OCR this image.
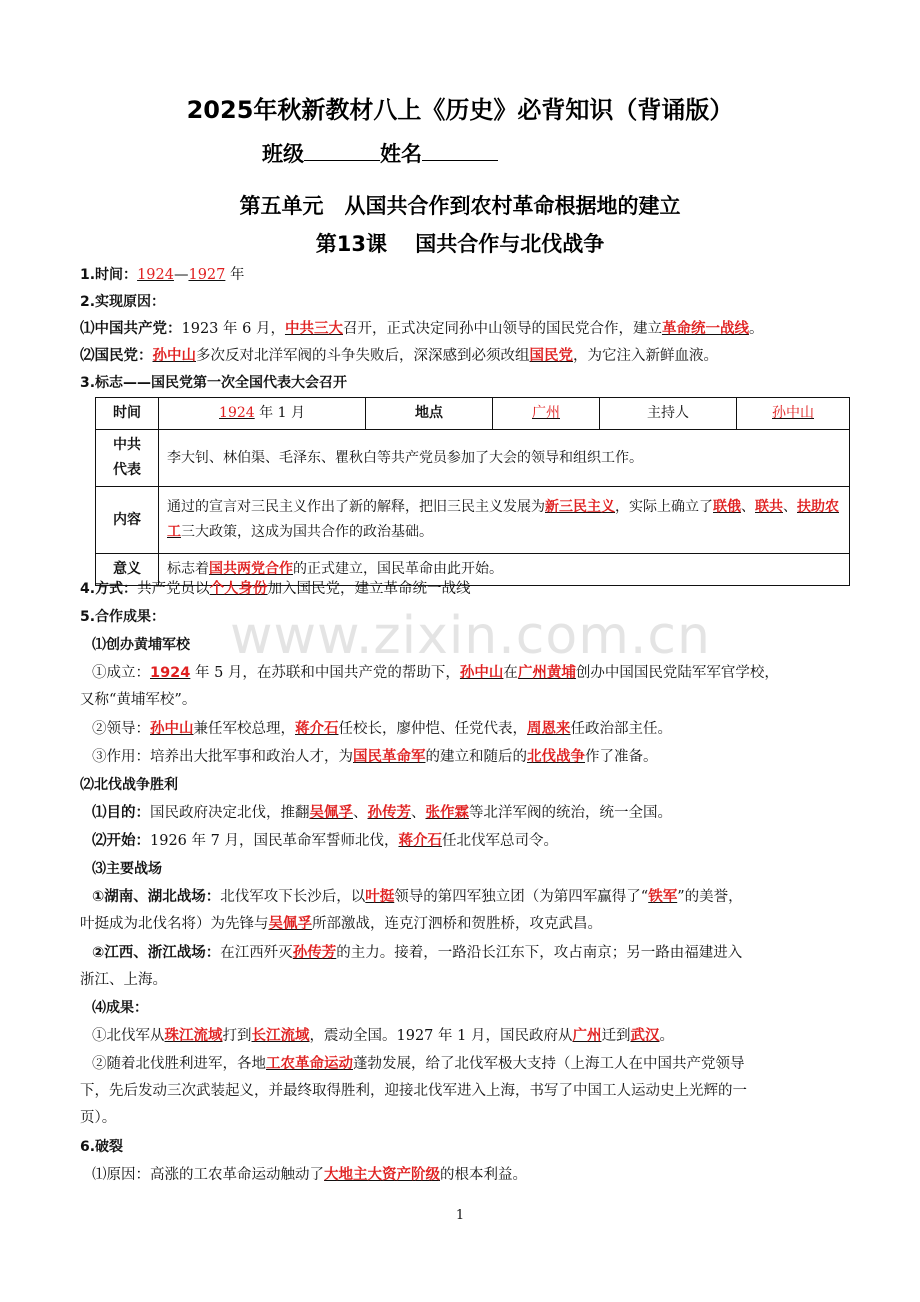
www.zixin.com.cn
2025年秋新教材八上《历史》必背知识（背诵版）
班级	姓名
第五单元　从国共合作到农村革命根据地的建立
第13课　 国共合作与北伐战争
1.时间：1924—1927 年
2.实现原因：
⑴中国共产党：1923 年 6 月，中共三大召开，正式决定同孙中山领导的国民党合作，建立革命统一战线。
⑵国民党：孙中山多次反对北洋军阀的斗争失败后，深深感到必须改组国民党，为它注入新鲜血液。
3.标志——国民党第一次全国代表大会召开
时间	1924 年 1 月	地点	广州	主持人	孙中山
中共
代表	李大钊、林伯渠、毛泽东、瞿秋白等共产党员参加了大会的领导和组织工作。				
内容	通过的宣言对三民主义作出了新的解释，把旧三民主义发展为新三民主义，实际上确立了联俄、联共、扶助农工三大政策，这成为国共合作的政治基础。				
意义	标志着国共两党合作的正式建立，国民革命由此开始。				
4.方式：共产党员以个人身份加入国民党，建立革命统一战线
5.合作成果：
⑴创办黄埔军校
①成立：1924 年 5 月，在苏联和中国共产党的帮助下，孙中山在广州黄埔创办中国国民党陆军军官学校，
又称“黄埔军校”。
②领导：孙中山兼任军校总理，蒋介石任校长，廖仲恺、任党代表，周恩来任政治部主任。
③作用：培养出大批军事和政治人才，为国民革命军的建立和随后的北伐战争作了准备。
⑵北伐战争胜利
⑴目的：国民政府决定北伐，推翻吴佩孚、孙传芳、张作霖等北洋军阀的统治，统一全国。
⑵开始：1926 年 7 月，国民革命军誓师北伐，蒋介石任北伐军总司令。
⑶主要战场
①湖南、湖北战场：北伐军攻下长沙后，以叶挺领导的第四军独立团（为第四军赢得了“铁军”的美誉，
叶挺成为北伐名将）为先锋与吴佩孚所部激战，连克汀泗桥和贺胜桥，攻克武昌。
②江西、浙江战场：在江西歼灭孙传芳的主力。接着，一路沿长江东下，攻占南京；另一路由福建进入
浙江、上海。
⑷成果：
①北伐军从珠江流域打到长江流域，震动全国。1927 年 1 月，国民政府从广州迁到武汉。
②随着北伐胜利进军，各地工农革命运动蓬勃发展，给了北伐军极大支持（上海工人在中国共产党领导
下，先后发动三次武装起义，并最终取得胜利，迎接北伐军进入上海，书写了中国工人运动史上光辉的一
页）。
6.破裂
⑴原因：高涨的工农革命运动触动了大地主大资产阶级的根本利益。
1
